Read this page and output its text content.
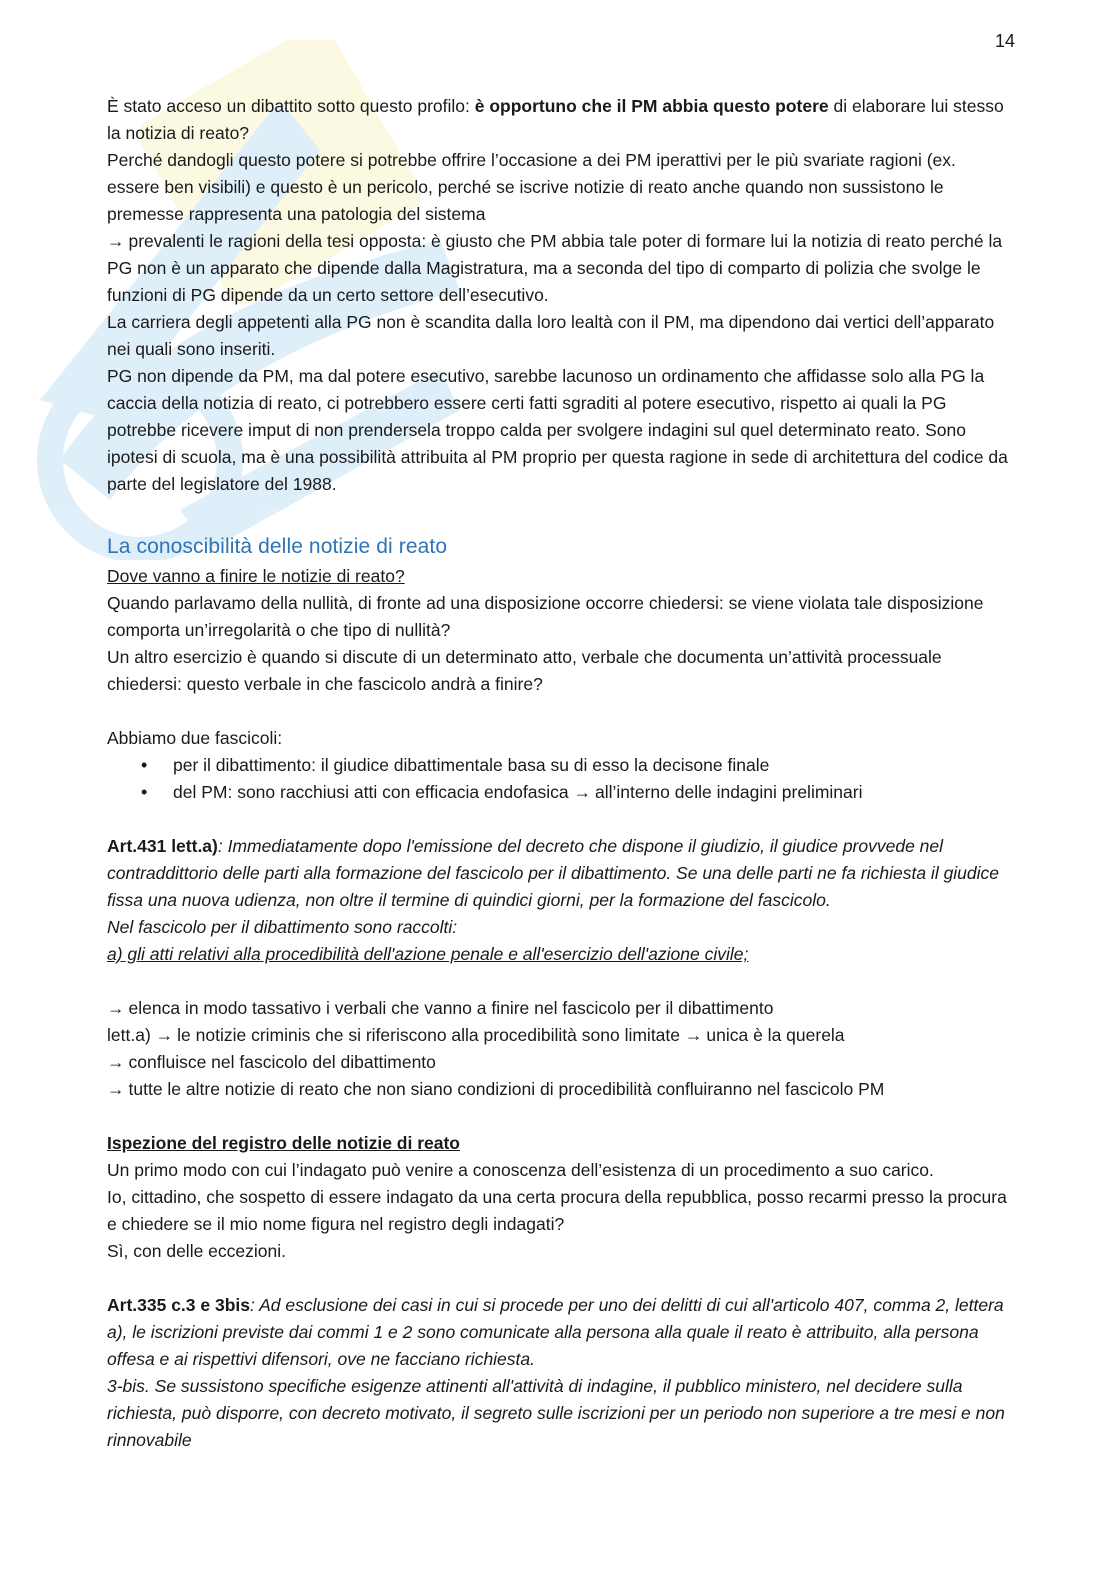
14

È stato acceso un dibattito sotto questo profilo: è opportuno che il PM abbia questo potere di elaborare lui stesso la notizia di reato?

Perché dandogli questo potere si potrebbe offrire l’occasione a dei PM iperattivi per le più svariate ragioni (ex. essere ben visibili) e questo è un pericolo, perché se iscrive notizie di reato anche quando non sussistono le premesse rappresenta una patologia del sistema

→ prevalenti le ragioni della tesi opposta: è giusto che PM abbia tale poter di formare lui la notizia di reato perché la PG non è un apparato che dipende dalla Magistratura, ma a seconda del tipo di comparto di polizia che svolge le funzioni di PG dipende da un certo settore dell’esecutivo.

La carriera degli appetenti alla PG non è scandita dalla loro lealtà con il PM, ma dipendono dai vertici dell’apparato nei quali sono inseriti.

PG non dipende da PM, ma dal potere esecutivo, sarebbe lacunoso un ordinamento che affidasse solo alla PG la caccia della notizia di reato, ci potrebbero essere certi fatti sgraditi al potere esecutivo, rispetto ai quali la PG potrebbe ricevere imput di non prendersela troppo calda per svolgere indagini sul quel determinato reato. Sono ipotesi di scuola, ma è una possibilità attribuita al PM proprio per questa ragione in sede di architettura del codice da parte del legislatore del 1988.

La conoscibilità delle notizie di reato

Dove vanno a finire le notizie di reato?

Quando parlavamo della nullità, di fronte ad una disposizione occorre chiedersi: se viene violata tale disposizione comporta un’irregolarità o che tipo di nullità?

Un altro esercizio è quando si discute di un determinato atto, verbale che documenta un’attività processuale chiedersi: questo verbale in che fascicolo andrà a finire?

Abbiamo due fascicoli:

• per il dibattimento: il giudice dibattimentale basa su di esso la decisone finale
• del PM: sono racchiusi atti con efficacia endofasica → all’interno delle indagini preliminari

Art.431 lett.a): Immediatamente dopo l'emissione del decreto che dispone il giudizio, il giudice provvede nel contraddittorio delle parti alla formazione del fascicolo per il dibattimento. Se una delle parti ne fa richiesta il giudice fissa una nuova udienza, non oltre il termine di quindici giorni, per la formazione del fascicolo.

Nel fascicolo per il dibattimento sono raccolti:

a) gli atti relativi alla procedibilità dell'azione penale e all'esercizio dell'azione civile;

→ elenca in modo tassativo i verbali che vanno a finire nel fascicolo per il dibattimento

lett.a) → le notizie criminis che si riferiscono alla procedibilità sono limitate → unica è la querela

→ confluisce nel fascicolo del dibattimento

→ tutte le altre notizie di reato che non siano condizioni di procedibilità confluiranno nel fascicolo PM

Ispezione del registro delle notizie di reato

Un primo modo con cui l’indagato può venire a conoscenza dell’esistenza di un procedimento a suo carico.

Io, cittadino, che sospetto di essere indagato da una certa procura della repubblica, posso recarmi presso la procura e chiedere se il mio nome figura nel registro degli indagati?

Sì, con delle eccezioni.

Art.335 c.3 e 3bis: Ad esclusione dei casi in cui si procede per uno dei delitti di cui all'articolo 407, comma 2, lettera a), le iscrizioni previste dai commi 1 e 2 sono comunicate alla persona alla quale il reato è attribuito, alla persona offesa e ai rispettivi difensori, ove ne facciano richiesta.

3-bis. Se sussistono specifiche esigenze attinenti all'attività di indagine, il pubblico ministero, nel decidere sulla richiesta, può disporre, con decreto motivato, il segreto sulle iscrizioni per un periodo non superiore a tre mesi e non rinnovabile
